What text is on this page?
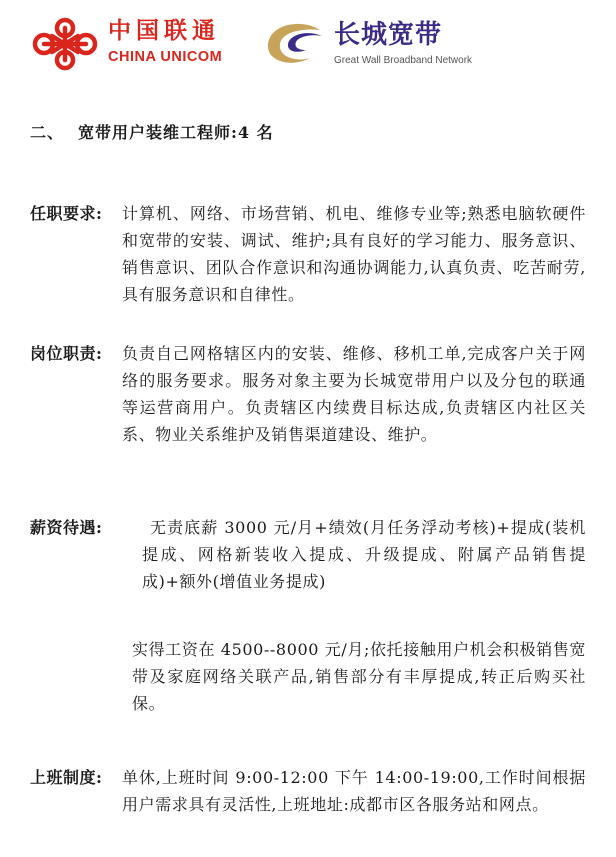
中国联通
CHINA UNICOM
长城宽带
Great Wall Broadband Network
二、 宽带用户装维工程师:4 名
任职要求: 计算机、网络、市场营销、机电、维修专业等;熟悉电脑软硬件和宽带的安装、调试、维护;具有良好的学习能力、服务意识、销售意识、团队合作意识和沟通协调能力,认真负责、吃苦耐劳,具有服务意识和自律性。
岗位职责: 负责自己网格辖区内的安装、维修、移机工单,完成客户关于网络的服务要求。服务对象主要为长城宽带用户以及分包的联通等运营商用户。负责辖区内续费目标达成,负责辖区内社区关系、物业关系维护及销售渠道建设、维护。
薪资待遇:	无责底薪 3000 元/月+绩效(月任务浮动考核)+提成(装机提成、网格新装收入提成、升级提成、附属产品销售提成)+额外(增值业务提成)
实得工资在 4500--8000 元/月;依托接触用户机会积极销售宽带及家庭网络关联产品,销售部分有丰厚提成,转正后购买社保。
上班制度: 单休,上班时间 9:00-12:00 下午 14:00-19:00,工作时间根据用户需求具有灵活性,上班地址:成都市区各服务站和网点。
